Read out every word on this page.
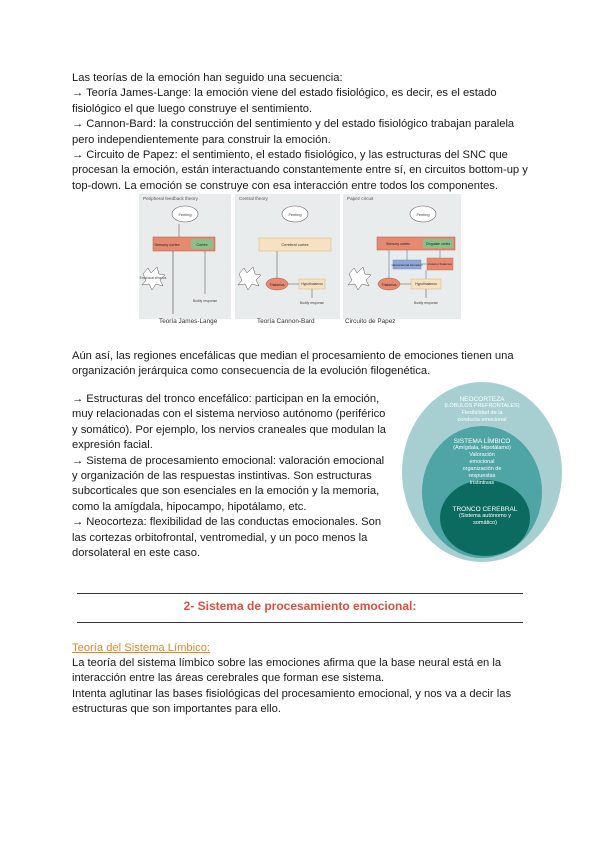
Las teorías de la emoción han seguido una secuencia:
→ Teoría James-Lange: la emoción viene del estado fisiológico, es decir, es el estado
fisiológico el que luego construye el sentimiento.
→ Cannon-Bard: la construcción del sentimiento y del estado fisiológico trabajan paralela
pero independientemente para construir la emoción.
→ Circuito de Papez: el sentimiento, el estado fisiológico, y las estructuras del SNC que
procesan la emoción, están interactuando constantemente entre sí, en circuitos bottom-up y
top-down. La emoción se construye con esa interacción entre todos los componentes.
Feeling
Sensory cortex	Cortex
Emotional stimulus
Bodily response
Peripheral feedback theory
Teoría James-Lange
Feeling
Cerebral cortex
Thalamus	Hypothalamus
Bodily response
Central theory
Teoría Cannon-Bard
Feeling
Sensory cortex	Cingulate cortex
Hippocampal formation Anterior thalamus
Thalamus	Hypothalamus
Bodily response
Papez circuit
Circuito de Papez
Aún así, las regiones encefálicas que median el procesamiento de emociones tienen una
organización jerárquica como consecuencia de la evolución filogenética.
→ Estructuras del tronco encefálico: participan en la emoción,
muy relacionadas con el sistema nervioso autónomo (periférico
y somático). Por ejemplo, los nervios craneales que modulan la
expresión facial.
→ Sistema de procesamiento emocional: valoración emocional
y organización de las respuestas instintivas. Son estructuras
subcorticales que son esenciales en la emoción y la memoria,
como la amígdala, hipocampo, hipotálamo, etc.
→ Neocorteza: flexibilidad de las conductas emocionales. Son
las cortezas orbitofrontal, ventromedial, y un poco menos la
dorsolateral en este caso.
NEOCORTEZA
(LÓBULOS PREFRONTALES)
Flexibilidad de la
conducta emocional
SISTEMA LÍMBICO
(Amígdala, Hipotálamo)
Valoración
emocional
organización de
respuestas
instintivas
TRONCO CEREBRAL
(Sistema autónomo y
somático)
2- Sistema de procesamiento emocional:
Teoría del Sistema Límbico:
La teoría del sistema límbico sobre las emociones afirma que la base neural está en la
interacción entre las áreas cerebrales que forman ese sistema.
Intenta aglutinar las bases fisiológicas del procesamiento emocional, y nos va a decir las
estructuras que son importantes para ello.
